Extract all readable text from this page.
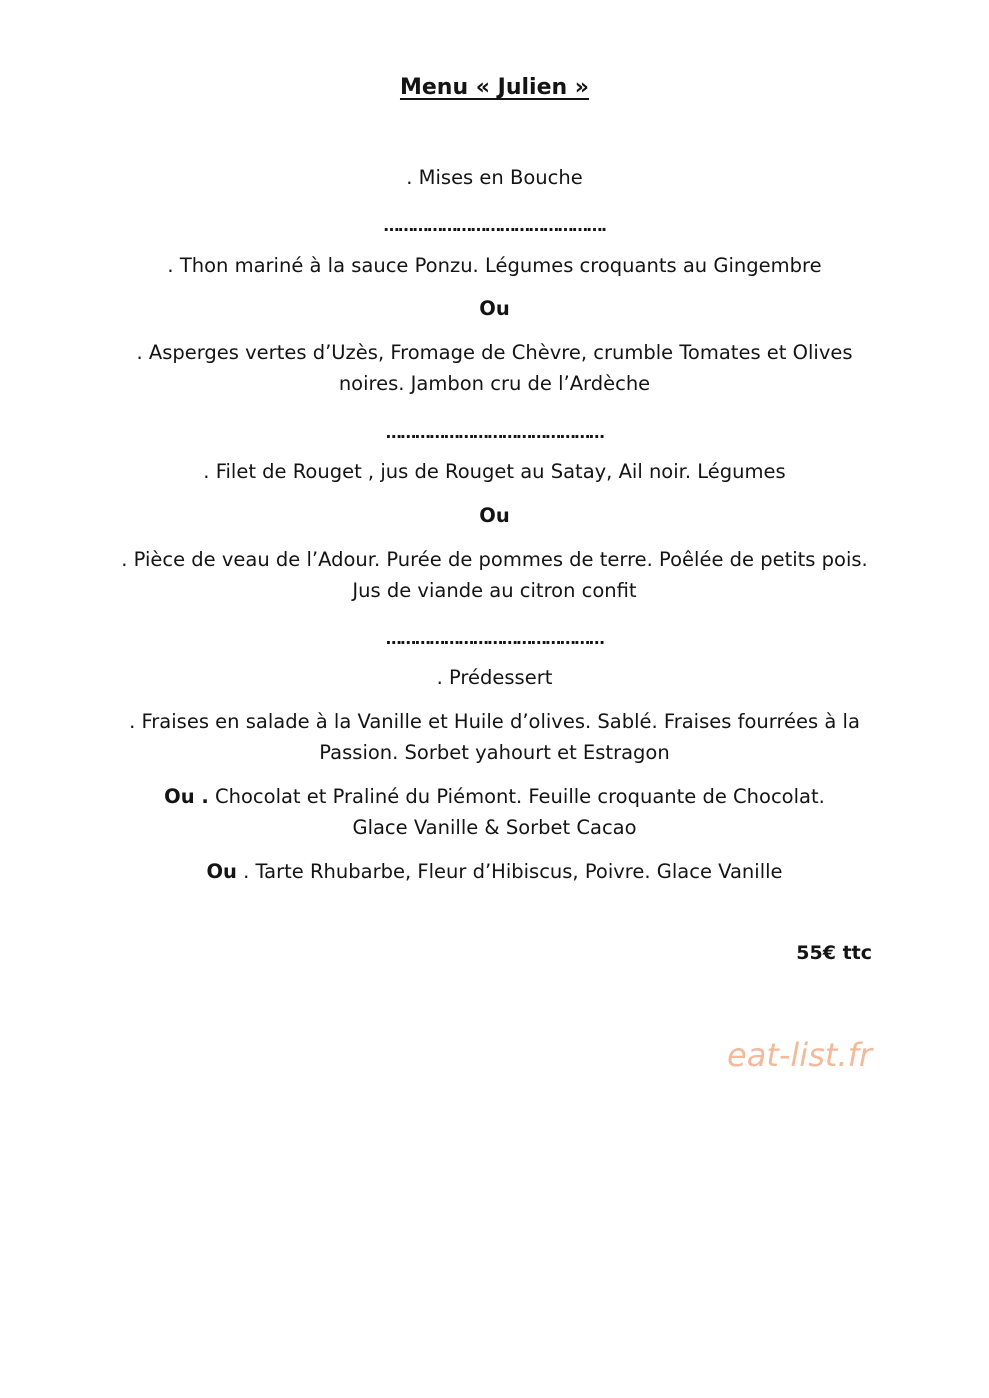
Menu « Julien »
. Mises en Bouche
……………………………………….
. Thon mariné à la sauce Ponzu. Légumes croquants au Gingembre
Ou
. Asperges vertes d’Uzès, Fromage de Chèvre, crumble Tomates et Olives
noires. Jambon cru de l’Ardèche
………………………………………
. Filet de Rouget , jus de Rouget au Satay, Ail noir. Légumes
Ou
. Pièce de veau de l’Adour. Purée de pommes de terre. Poêlée de petits pois.
Jus de viande au citron confit
………………………………………
. Prédessert
. Fraises en salade à la Vanille et Huile d’olives. Sablé. Fraises fourrées à la
Passion. Sorbet yahourt et Estragon
Ou . Chocolat et Praliné du Piémont. Feuille croquante de Chocolat.
Glace Vanille & Sorbet Cacao
Ou . Tarte Rhubarbe, Fleur d’Hibiscus, Poivre. Glace Vanille
55€ ttc
eat-list.fr
